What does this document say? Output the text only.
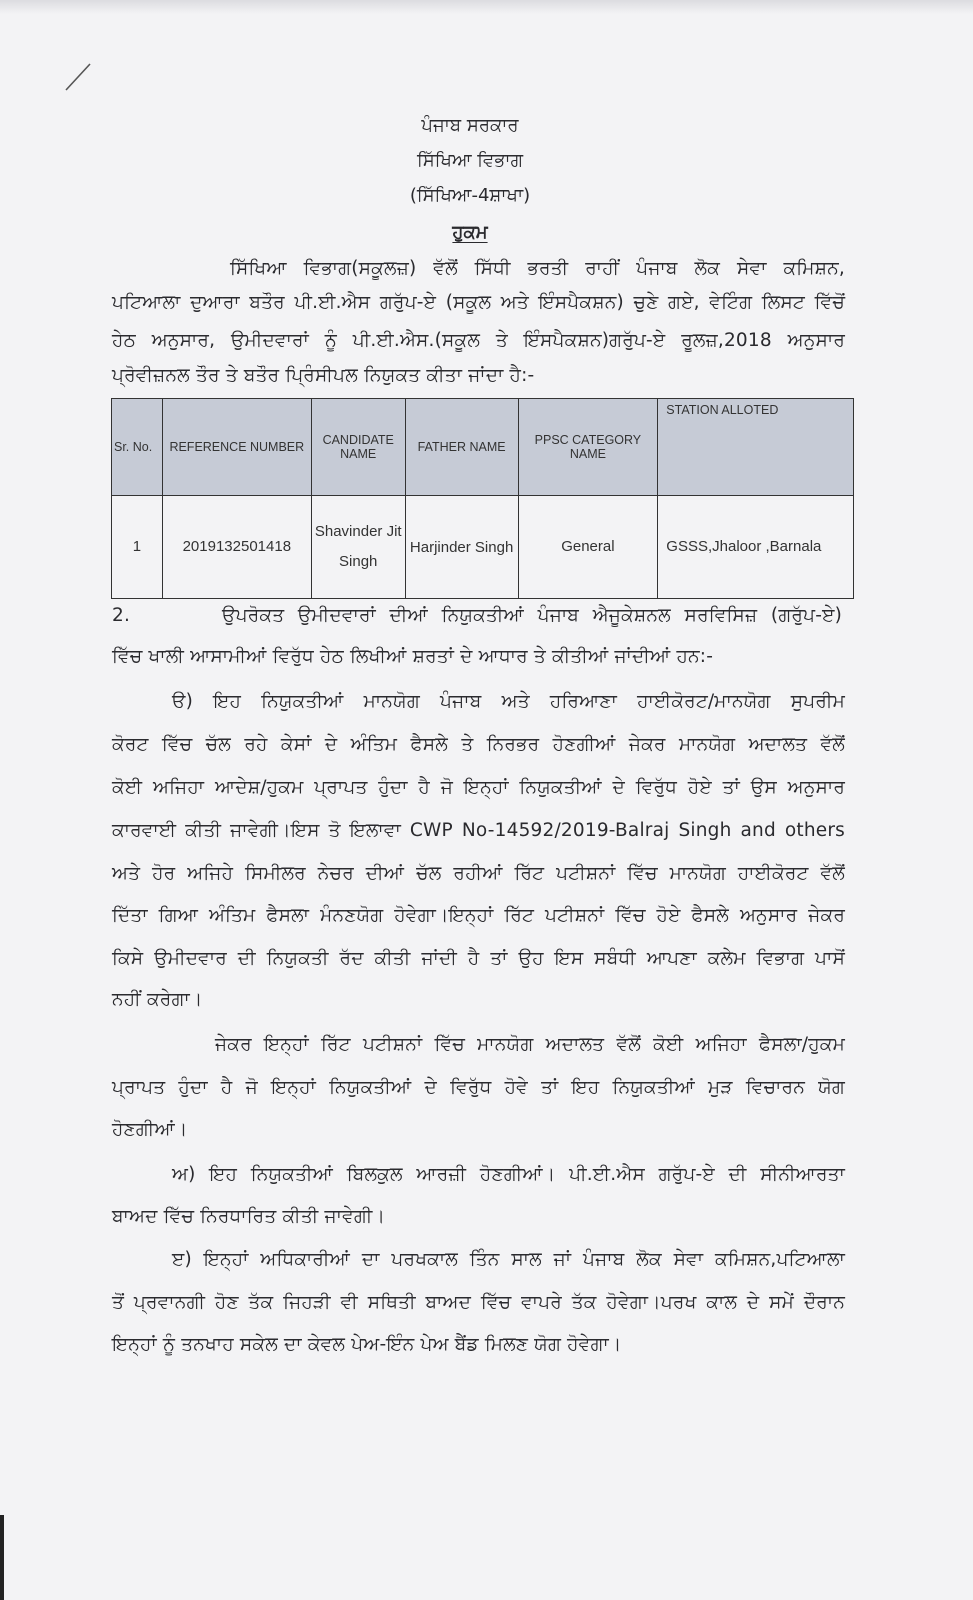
ਪੰਜਾਬ ਸਰਕਾਰ
ਸਿੱਖਿਆ ਵਿਭਾਗ
(ਸਿੱਖਿਆ-4ਸ਼ਾਖਾ)
ਹੁਕਮ
ਸਿੱਖਿਆ ਵਿਭਾਗ(ਸਕੂਲਜ਼) ਵੱਲੋਂ ਸਿੱਧੀ ਭਰਤੀ ਰਾਹੀਂ ਪੰਜਾਬ ਲੋਕ ਸੇਵਾ ਕਮਿਸ਼ਨ,
ਪਟਿਆਲਾ ਦੁਆਰਾ ਬਤੌਰ ਪੀ.ਈ.ਐਸ ਗਰੁੱਪ-ਏ (ਸਕੂਲ ਅਤੇ ਇੰਸਪੈਕਸ਼ਨ) ਚੁਣੇ ਗਏ, ਵੇਟਿੰਗ ਲਿਸਟ ਵਿੱਚੋਂ
ਹੇਠ ਅਨੁਸਾਰ, ਉਮੀਦਵਾਰਾਂ ਨੂੰ ਪੀ.ਈ.ਐਸ.(ਸਕੂਲ ਤੇ ਇੰਸਪੈਕਸ਼ਨ)ਗਰੁੱਪ-ਏ ਰੂਲਜ਼,2018 ਅਨੁਸਾਰ
ਪ੍ਰੋਵੀਜ਼ਨਲ ਤੌਰ ਤੇ ਬਤੌਰ ਪ੍ਰਿੰਸੀਪਲ ਨਿਯੁਕਤ ਕੀਤਾ ਜਾਂਦਾ ਹੈ:-
Sr. No.	REFERENCE NUMBER	CANDIDATE NAME	FATHER NAME	PPSC CATEGORY NAME	STATION ALLOTED
1	2019132501418	Shavinder Jit Singh	Harjinder Singh	General	GSSS,Jhaloor ,Barnala
2.	ਉਪਰੋਕਤ ਉਮੀਦਵਾਰਾਂ ਦੀਆਂ ਨਿਯੁਕਤੀਆਂ ਪੰਜਾਬ ਐਜੂਕੇਸ਼ਨਲ ਸਰਵਿਸਿਜ਼ (ਗਰੁੱਪ-ਏ)
ਵਿੱਚ ਖਾਲੀ ਆਸਾਮੀਆਂ ਵਿਰੁੱਧ ਹੇਠ ਲਿਖੀਆਂ ਸ਼ਰਤਾਂ ਦੇ ਆਧਾਰ ਤੇ ਕੀਤੀਆਂ ਜਾਂਦੀਆਂ ਹਨ:-
ੳ) ਇਹ ਨਿਯੁਕਤੀਆਂ ਮਾਨਯੋਗ ਪੰਜਾਬ ਅਤੇ ਹਰਿਆਣਾ ਹਾਈਕੋਰਟ/ਮਾਨਯੋਗ ਸੁਪਰੀਮ
ਕੋਰਟ ਵਿੱਚ ਚੱਲ ਰਹੇ ਕੇਸਾਂ ਦੇ ਅੰਤਿਮ ਫੈਸਲੇ ਤੇ ਨਿਰਭਰ ਹੋਣਗੀਆਂ ਜੇਕਰ ਮਾਨਯੋਗ ਅਦਾਲਤ ਵੱਲੋਂ
ਕੋਈ ਅਜਿਹਾ ਆਦੇਸ਼/ਹੁਕਮ ਪ੍ਰਾਪਤ ਹੁੰਦਾ ਹੈ ਜੋ ਇਨ੍ਹਾਂ ਨਿਯੁਕਤੀਆਂ ਦੇ ਵਿਰੁੱਧ ਹੋਏ ਤਾਂ ਉਸ ਅਨੁਸਾਰ
ਕਾਰਵਾਈ ਕੀਤੀ ਜਾਵੇਗੀ।ਇਸ ਤੋ ਇਲਾਵਾ CWP No-14592/2019-Balraj Singh and others
ਅਤੇ ਹੋਰ ਅਜਿਹੇ ਸਿਮੀਲਰ ਨੇਚਰ ਦੀਆਂ ਚੱਲ ਰਹੀਆਂ ਰਿੱਟ ਪਟੀਸ਼ਨਾਂ ਵਿੱਚ ਮਾਨਯੋਗ ਹਾਈਕੋਰਟ ਵੱਲੋਂ
ਦਿੱਤਾ ਗਿਆ ਅੰਤਿਮ ਫੈਸਲਾ ਮੰਨਣਯੋਗ ਹੋਵੇਗਾ।ਇਨ੍ਹਾਂ ਰਿੱਟ ਪਟੀਸ਼ਨਾਂ ਵਿੱਚ ਹੋਏ ਫੈਸਲੇ ਅਨੁਸਾਰ ਜੇਕਰ
ਕਿਸੇ ਉਮੀਦਵਾਰ ਦੀ ਨਿਯੁਕਤੀ ਰੱਦ ਕੀਤੀ ਜਾਂਦੀ ਹੈ ਤਾਂ ਉਹ ਇਸ ਸਬੰਧੀ ਆਪਣਾ ਕਲੇਮ ਵਿਭਾਗ ਪਾਸੋਂ
ਨਹੀਂ ਕਰੇਗਾ।
ਜੇਕਰ ਇਨ੍ਹਾਂ ਰਿੱਟ ਪਟੀਸ਼ਨਾਂ ਵਿੱਚ ਮਾਨਯੋਗ ਅਦਾਲਤ ਵੱਲੋਂ ਕੋਈ ਅਜਿਹਾ ਫੈਸਲਾ/ਹੁਕਮ
ਪ੍ਰਾਪਤ ਹੁੰਦਾ ਹੈ ਜੋ ਇਨ੍ਹਾਂ ਨਿਯੁਕਤੀਆਂ ਦੇ ਵਿਰੁੱਧ ਹੋਵੇ ਤਾਂ ਇਹ ਨਿਯੁਕਤੀਆਂ ਮੁੜ ਵਿਚਾਰਨ ਯੋਗ
ਹੋਣਗੀਆਂ।
ਅ) ਇਹ ਨਿਯੁਕਤੀਆਂ ਬਿਲਕੁਲ ਆਰਜ਼ੀ ਹੋਣਗੀਆਂ। ਪੀ.ਈ.ਐਸ ਗਰੁੱਪ-ਏ ਦੀ ਸੀਨੀਆਰਤਾ
ਬਾਅਦ ਵਿੱਚ ਨਿਰਧਾਰਿਤ ਕੀਤੀ ਜਾਵੇਗੀ।
ੲ) ਇਨ੍ਹਾਂ ਅਧਿਕਾਰੀਆਂ ਦਾ ਪਰਖਕਾਲ ਤਿੰਨ ਸਾਲ ਜਾਂ ਪੰਜਾਬ ਲੋਕ ਸੇਵਾ ਕਮਿਸ਼ਨ,ਪਟਿਆਲਾ
ਤੋਂ ਪ੍ਰਵਾਨਗੀ ਹੋਣ ਤੱਕ ਜਿਹੜੀ ਵੀ ਸਥਿਤੀ ਬਾਅਦ ਵਿੱਚ ਵਾਪਰੇ ਤੱਕ ਹੋਵੇਗਾ।ਪਰਖ ਕਾਲ ਦੇ ਸਮੇਂ ਦੌਰਾਨ
ਇਨ੍ਹਾਂ ਨੂੰ ਤਨਖਾਹ ਸਕੇਲ ਦਾ ਕੇਵਲ ਪੇਅ-ਇੰਨ ਪੇਅ ਬੈਂਡ ਮਿਲਣ ਯੋਗ ਹੋਵੇਗਾ।
